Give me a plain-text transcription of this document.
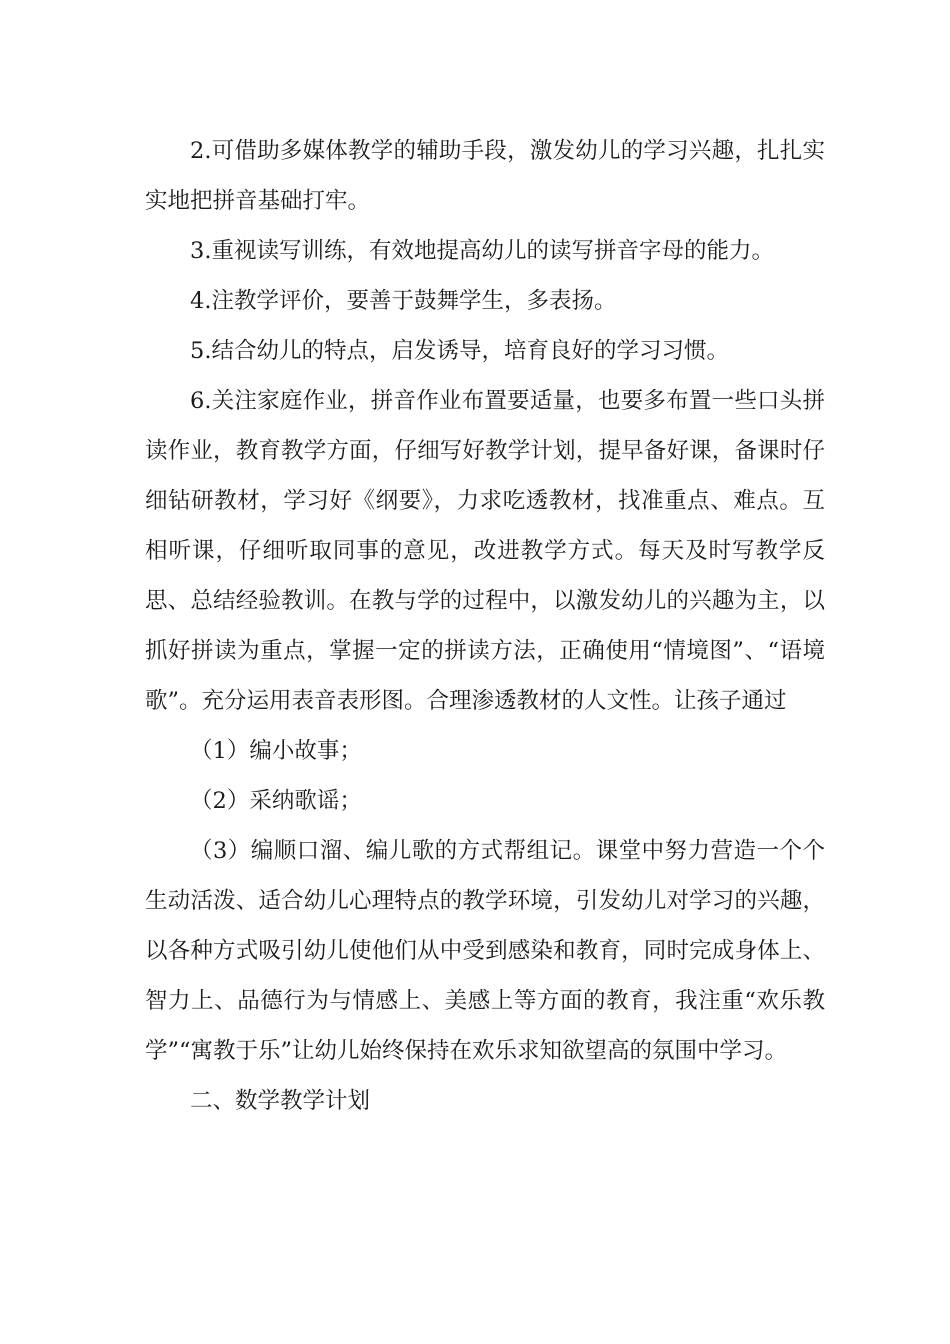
2.可借助多媒体教学的辅助手段，激发幼儿的学习兴趣，扎扎实实地把拼音基础打牢。

3.重视读写训练，有效地提高幼儿的读写拼音字母的能力。

4.注教学评价，要善于鼓舞学生，多表扬。

5.结合幼儿的特点，启发诱导，培育良好的学习习惯。

6.关注家庭作业，拼音作业布置要适量，也要多布置一些口头拼读作业，教育教学方面，仔细写好教学计划，提早备好课，备课时仔细钻研教材，学习好《纲要》，力求吃透教材，找准重点、难点。互相听课，仔细听取同事的意见，改进教学方式。每天及时写教学反思、总结经验教训。在教与学的过程中，以激发幼儿的兴趣为主，以抓好拼读为重点，掌握一定的拼读方法，正确使用“情境图”、“语境歌”。充分运用表音表形图。合理渗透教材的人文性。让孩子通过

（1）编小故事；

（2）采纳歌谣；

（3）编顺口溜、编儿歌的方式帮组记。课堂中努力营造一个个生动活泼、适合幼儿心理特点的教学环境，引发幼儿对学习的兴趣，以各种方式吸引幼儿使他们从中受到感染和教育，同时完成身体上、智力上、品德行为与情感上、美感上等方面的教育，我注重“欢乐教学”“寓教于乐”让幼儿始终保持在欢乐求知欲望高的氛围中学习。

二、数学教学计划
